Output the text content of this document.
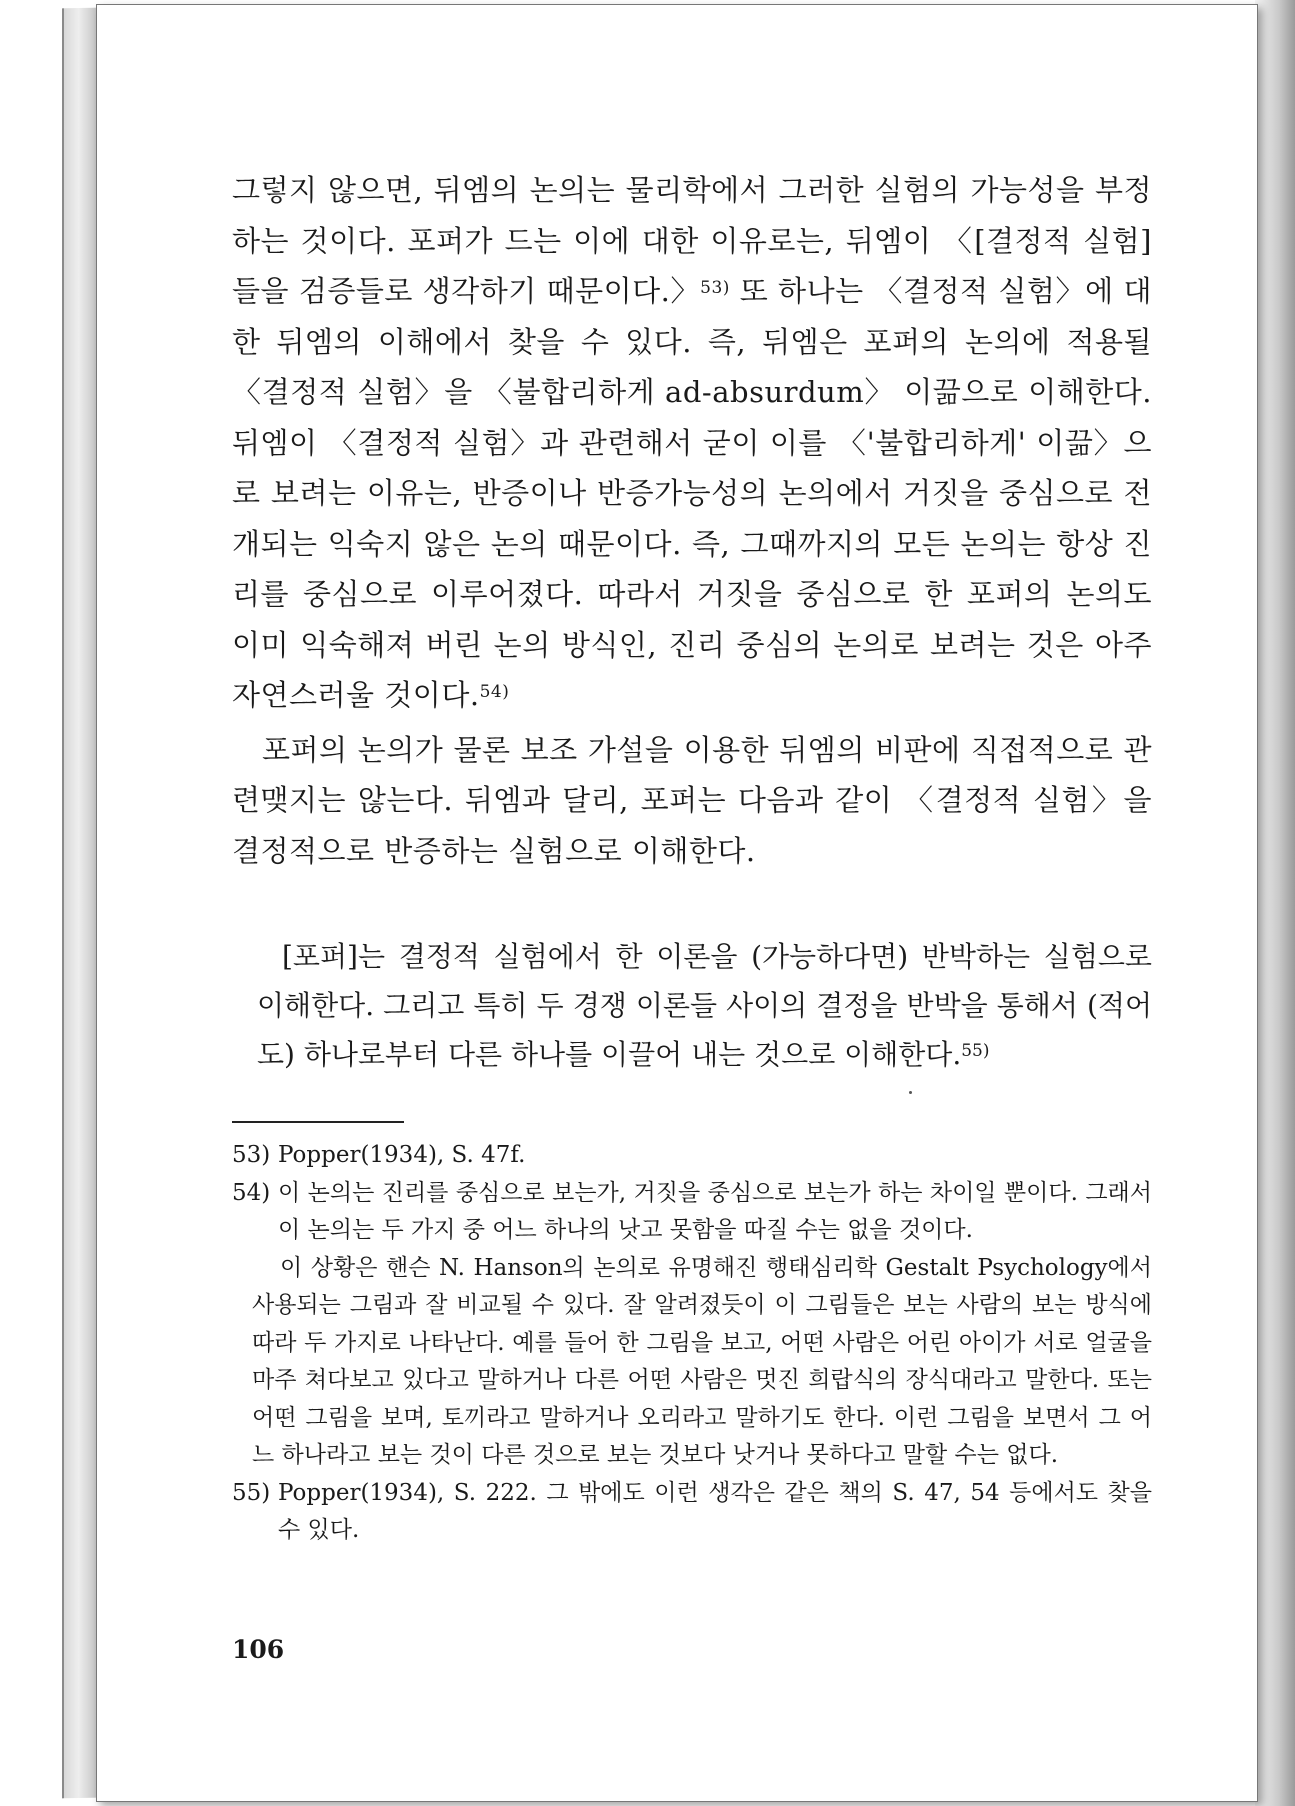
그렇지 않으면, 뒤엠의 논의는 물리학에서 그러한 실험의 가능성을 부정하는 것이다. 포퍼가 드는 이에 대한 이유로는, 뒤엠이 〈[결정적 실험]들을 검증들로 생각하기 때문이다.〉$^{53)}$ 또 하나는 〈결정적 실험〉에 대한 뒤엠의 이해에서 찾을 수 있다. 즉, 뒤엠은 포퍼의 논의에 적용될 〈결정적 실험〉을 〈불합리하게 ad-absurdum〉 이끎으로 이해한다. 뒤엠이 〈결정적 실험〉과 관련해서 굳이 이를 〈'불합리하게' 이끎〉으로 보려는 이유는, 반증이나 반증가능성의 논의에서 거짓을 중심으로 전개되는 익숙지 않은 논의 때문이다. 즉, 그때까지의 모든 논의는 항상 진리를 중심으로 이루어졌다. 따라서 거짓을 중심으로 한 포퍼의 논의도 이미 익숙해져 버린 논의 방식인, 진리 중심의 논의로 보려는 것은 아주 자연스러울 것이다.$^{54)}$

포퍼의 논의가 물론 보조 가설을 이용한 뒤엠의 비판에 직접적으로 관련맺지는 않는다. 뒤엠과 달리, 포퍼는 다음과 같이 〈결정적 실험〉을 결정적으로 반증하는 실험으로 이해한다.

[포퍼]는 결정적 실험에서 한 이론을 (가능하다면) 반박하는 실험으로 이해한다. 그리고 특히 두 경쟁 이론들 사이의 결정을 반박을 통해서 (적어도) 하나로부터 다른 하나를 이끌어 내는 것으로 이해한다.$^{55)}$

53) Popper(1934), S. 47f.
54) 이 논의는 진리를 중심으로 보는가, 거짓을 중심으로 보는가 하는 차이일 뿐이다. 그래서 이 논의는 두 가지 중 어느 하나의 낫고 못함을 따질 수는 없을 것이다.
이 상황은 핸슨 N. Hanson의 논의로 유명해진 행태심리학 Gestalt Psychology에서 사용되는 그림과 잘 비교될 수 있다. 잘 알려졌듯이 이 그림들은 보는 사람의 보는 방식에 따라 두 가지로 나타난다. 예를 들어 한 그림을 보고, 어떤 사람은 어린 아이가 서로 얼굴을 마주 쳐다보고 있다고 말하거나 다른 어떤 사람은 멋진 희랍식의 장식대라고 말한다. 또는 어떤 그림을 보며, 토끼라고 말하거나 오리라고 말하기도 한다. 이런 그림을 보면서 그 어느 하나라고 보는 것이 다른 것으로 보는 것보다 낫거나 못하다고 말할 수는 없다.
55) Popper(1934), S. 222. 그 밖에도 이런 생각은 같은 책의 S. 47, 54 등에서도 찾을 수 있다.
106
